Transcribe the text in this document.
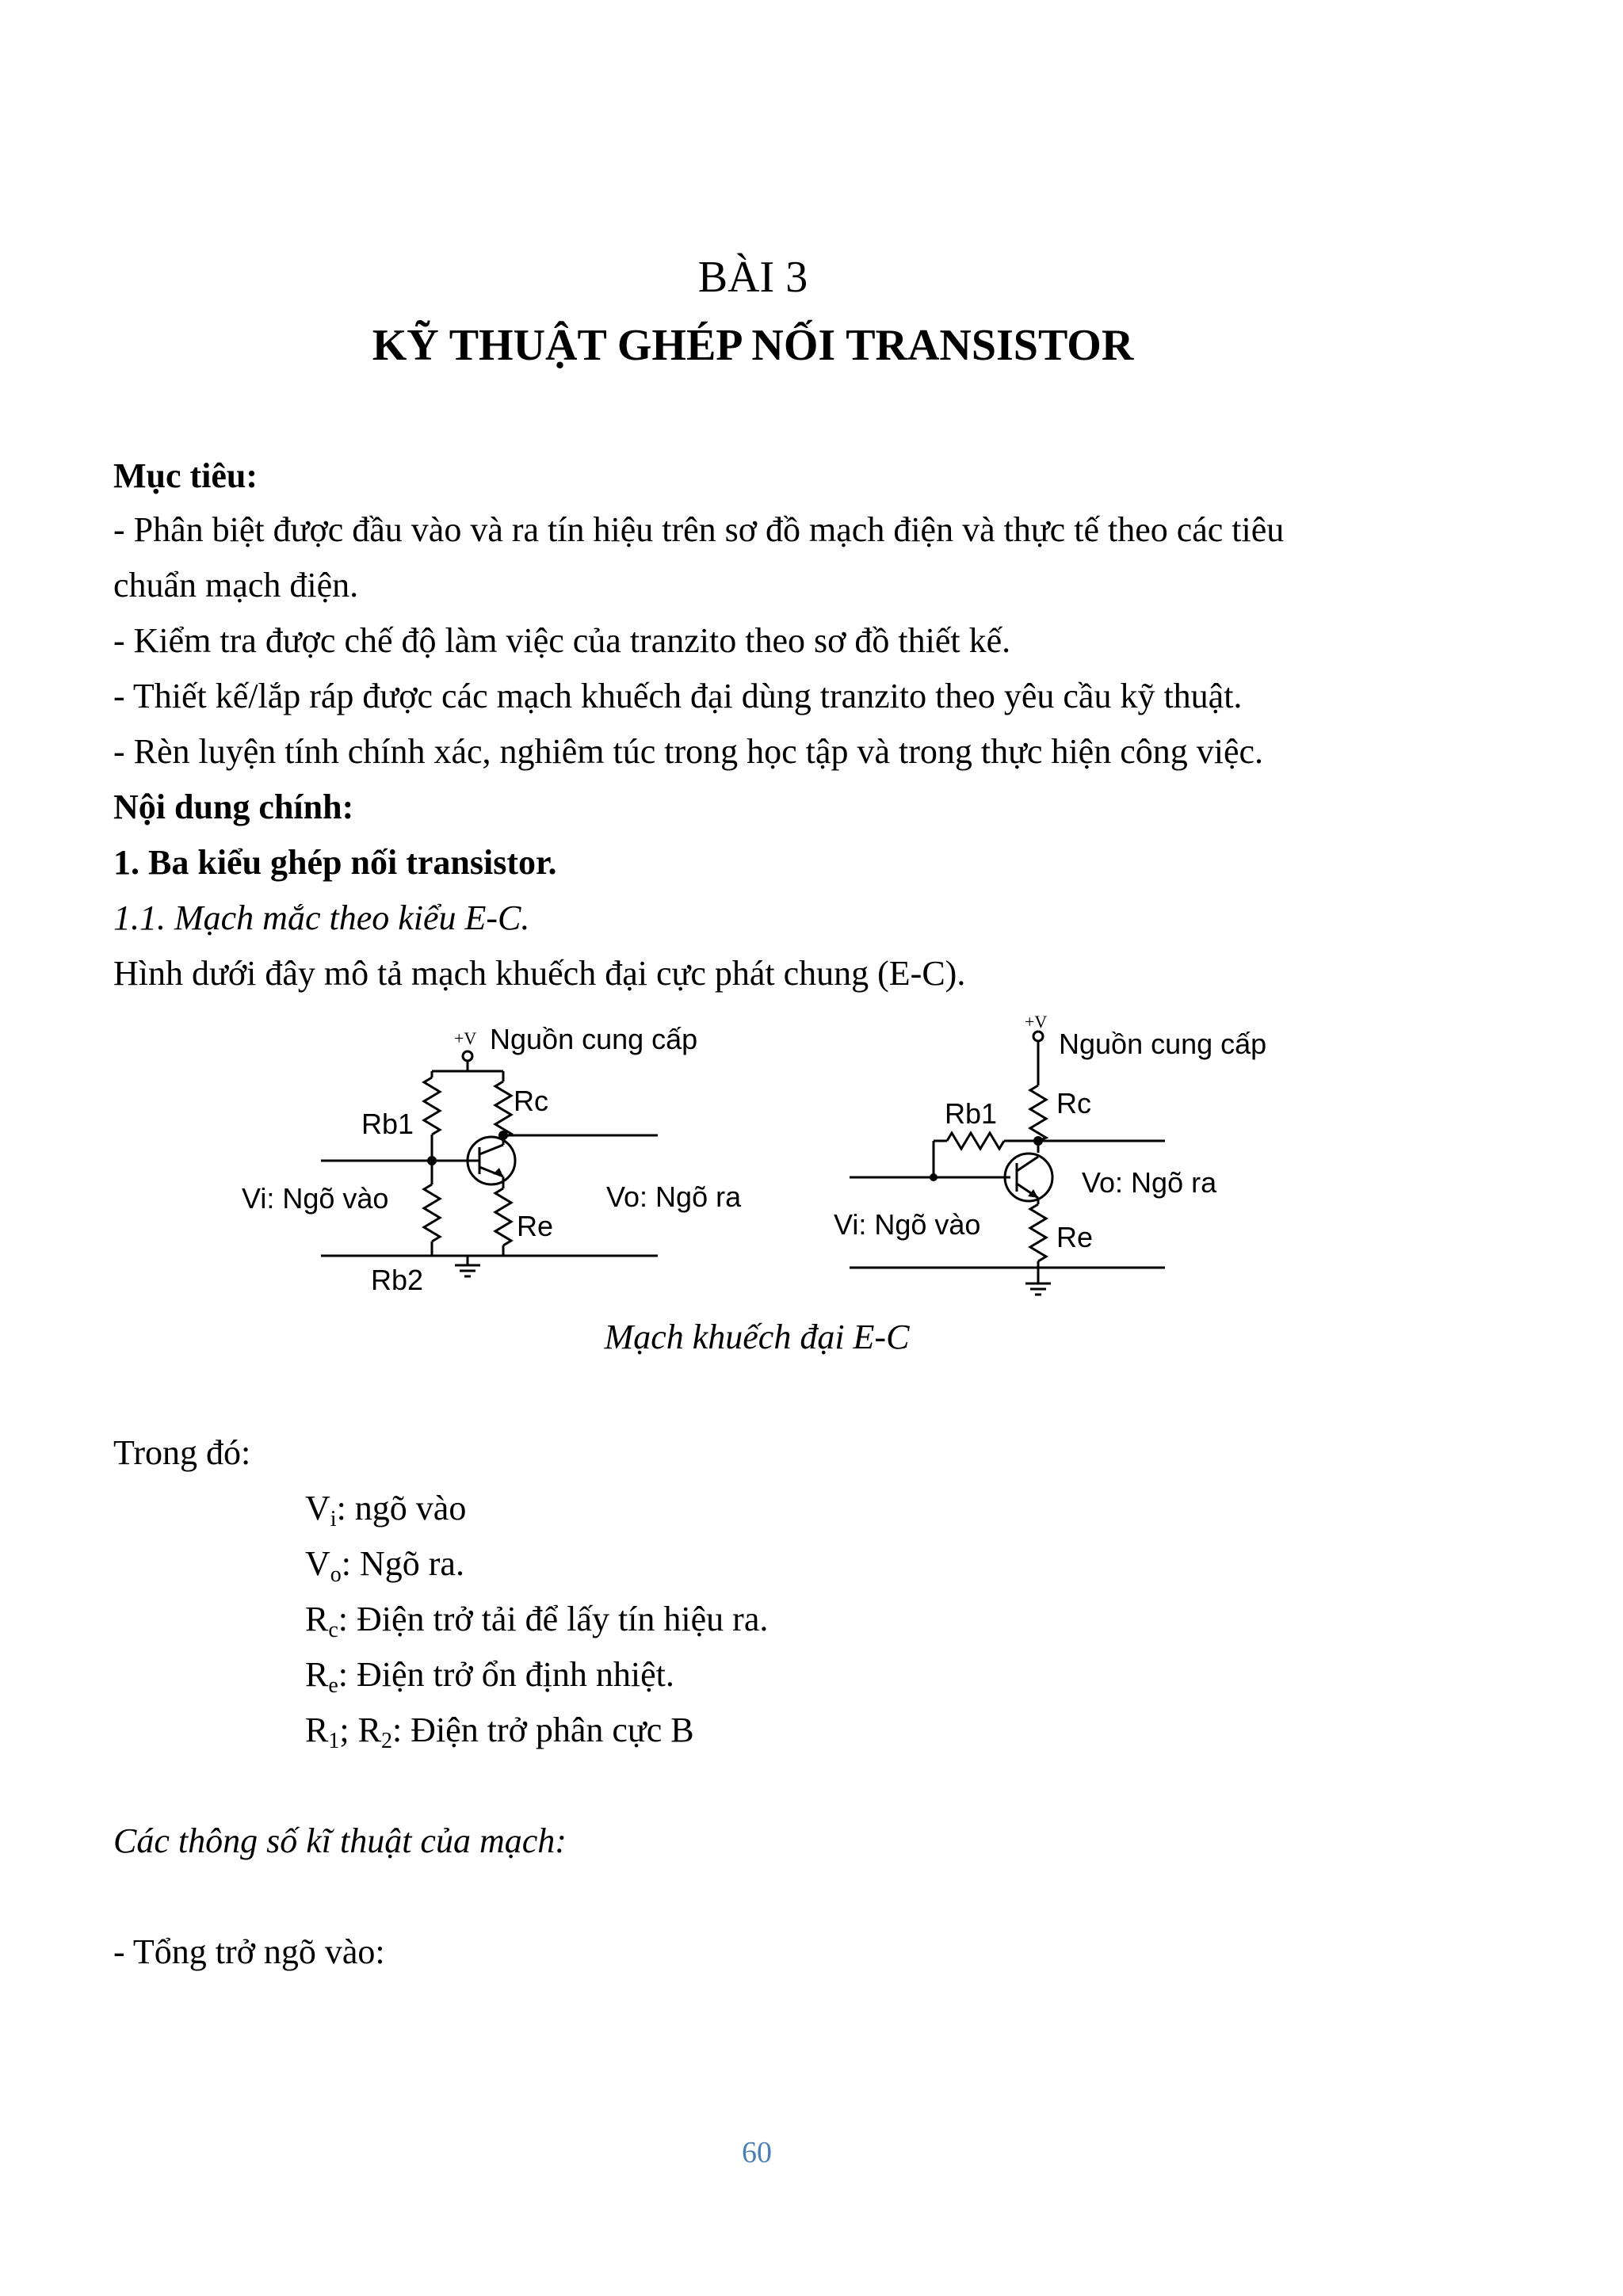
BÀI 3
KỸ THUẬT GHÉP NỐI TRANSISTOR
Mục tiêu:
- Phân biệt được đầu vào và ra tín hiệu trên sơ đồ mạch điện và thực tế theo các tiêu
chuẩn mạch điện.
- Kiểm tra được chế độ làm việc của tranzito theo sơ đồ thiết kế.
- Thiết kế/lắp ráp được các mạch khuếch đại dùng tranzito theo yêu cầu kỹ thuật.
- Rèn luyện tính chính xác, nghiêm túc trong học tập và trong thực hiện công việc.
Nội dung chính:
1. Ba kiểu ghép nối transistor.
1.1. Mạch mắc theo kiểu E-C.
Hình dưới đây mô tả mạch khuếch đại cực phát chung (E-C).
+V Nguồn cung cấp
Rc
Rb1
Vi: Ngõ vào	Vo: Ngõ ra
Re
Rb2
+V
Nguồn cung cấp
Rb1 Rc
Vo: Ngõ ra
Vi: Ngõ vào	Re
Mạch khuếch đại E-C
Trong đó:
$V_i$: ngõ vào
$V_o$: Ngõ ra.
$R_c$: Điện trở tải để lấy tín hiệu ra.
$R_e$: Điện trở ổn định nhiệt.
$R_1$; $R_2$: Điện trở phân cực B
Các thông số kĩ thuật của mạch:
- Tổng trở ngõ vào:
60
